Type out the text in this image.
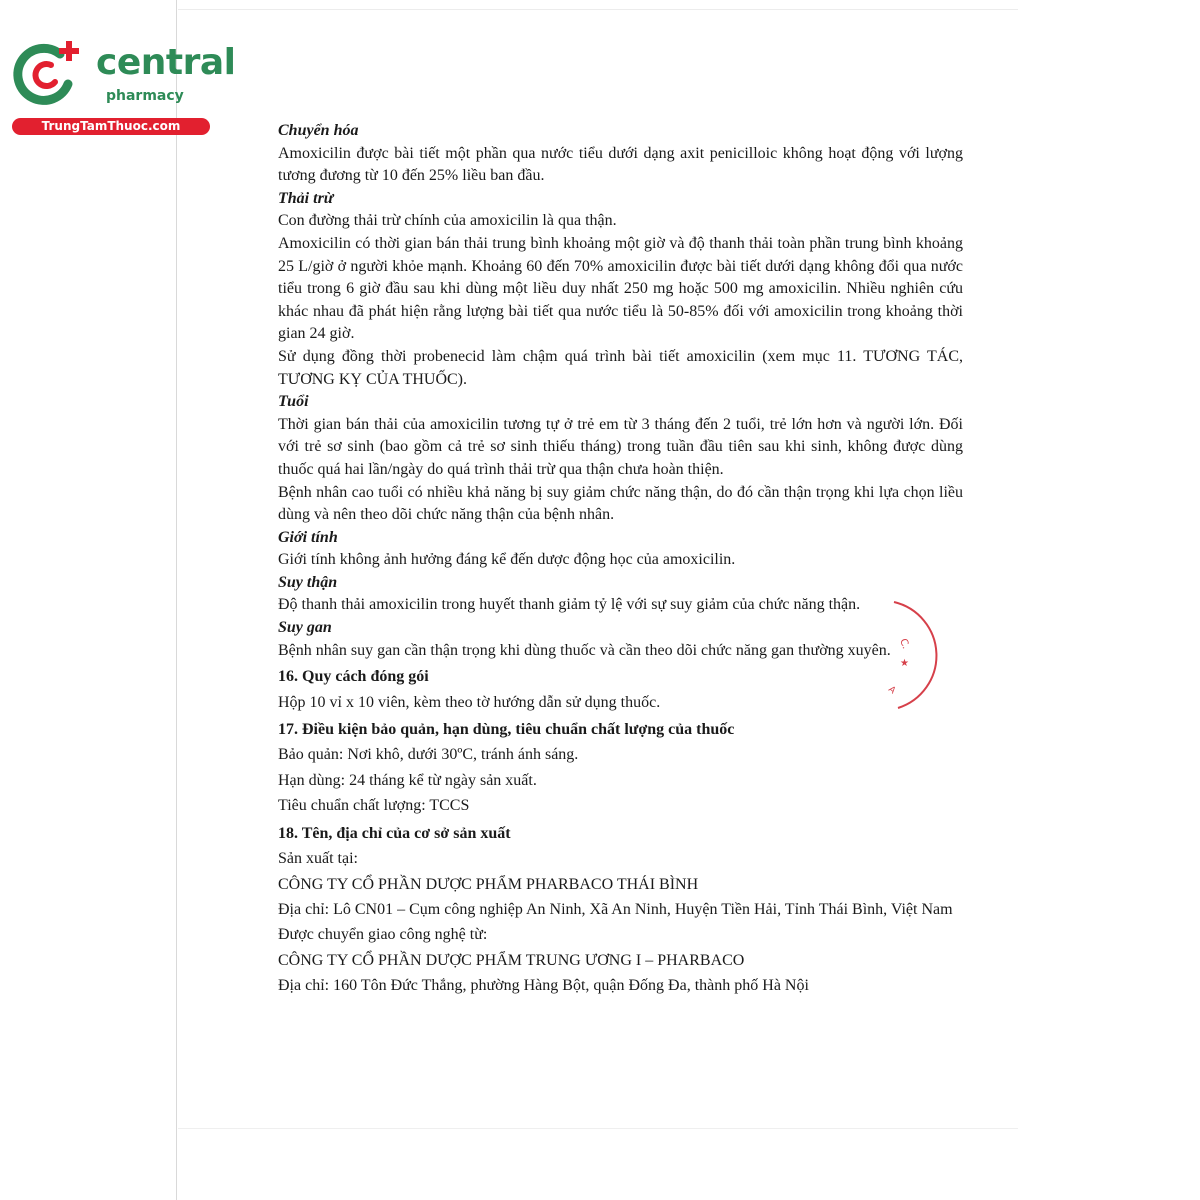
central
pharmacy
TrungTamThuoc.com	Chuyển hóa

Amoxicilin được bài tiết một phần qua nước tiểu dưới dạng axit penicilloic không hoạt động với lượng tương đương từ 10 đến 25% liều ban đầu.

Thải trừ

Con đường thải trừ chính của amoxicilin là qua thận.

Amoxicilin có thời gian bán thải trung bình khoảng một giờ và độ thanh thải toàn phần trung bình khoảng 25 L/giờ ở người khỏe mạnh. Khoảng 60 đến 70% amoxicilin được bài tiết dưới dạng không đổi qua nước tiểu trong 6 giờ đầu sau khi dùng một liều duy nhất 250 mg hoặc 500 mg amoxicilin. Nhiều nghiên cứu khác nhau đã phát hiện rằng lượng bài tiết qua nước tiểu là 50-85% đối với amoxicilin trong khoảng thời gian 24 giờ.

Sử dụng đồng thời probenecid làm chậm quá trình bài tiết amoxicilin (xem mục 11. TƯƠNG TÁC, TƯƠNG KỴ CỦA THUỐC).

Tuổi

Thời gian bán thải của amoxicilin tương tự ở trẻ em từ 3 tháng đến 2 tuổi, trẻ lớn hơn và người lớn. Đối với trẻ sơ sinh (bao gồm cả trẻ sơ sinh thiếu tháng) trong tuần đầu tiên sau khi sinh, không được dùng thuốc quá hai lần/ngày do quá trình thải trừ qua thận chưa hoàn thiện.

Bệnh nhân cao tuổi có nhiều khả năng bị suy giảm chức năng thận, do đó cần thận trọng khi lựa chọn liều dùng và nên theo dõi chức năng thận của bệnh nhân.

Giới tính

Giới tính không ảnh hưởng đáng kể đến dược động học của amoxicilin.

Suy thận

Độ thanh thải amoxicilin trong huyết thanh giảm tỷ lệ với sự suy giảm của chức năng thận.

Suy gan

Bệnh nhân suy gan cần thận trọng khi dùng thuốc và cần theo dõi chức năng gan thường xuyên.

16. Quy cách đóng gói

Hộp 10 vỉ x 10 viên, kèm theo tờ hướng dẫn sử dụng thuốc.

17. Điều kiện bảo quản, hạn dùng, tiêu chuẩn chất lượng của thuốc

Bảo quản: Nơi khô, dưới 30ºC, tránh ánh sáng.

Hạn dùng: 24 tháng kể từ ngày sản xuất.

Tiêu chuẩn chất lượng: TCCS

18. Tên, địa chỉ của cơ sở sản xuất

Sản xuất tại:

CÔNG TY CỔ PHẦN DƯỢC PHẨM PHARBACO THÁI BÌNH

Địa chỉ: Lô CN01 – Cụm công nghiệp An Ninh, Xã An Ninh, Huyện Tiền Hải, Tỉnh Thái Bình, Việt Nam

Được chuyển giao công nghệ từ:

CÔNG TY CỔ PHẦN DƯỢC PHẨM TRUNG ƯƠNG I – PHARBACO

Địa chỉ: 160 Tôn Đức Thắng, phường Hàng Bột, quận Đống Đa, thành phố Hà Nội

C.
★
A
